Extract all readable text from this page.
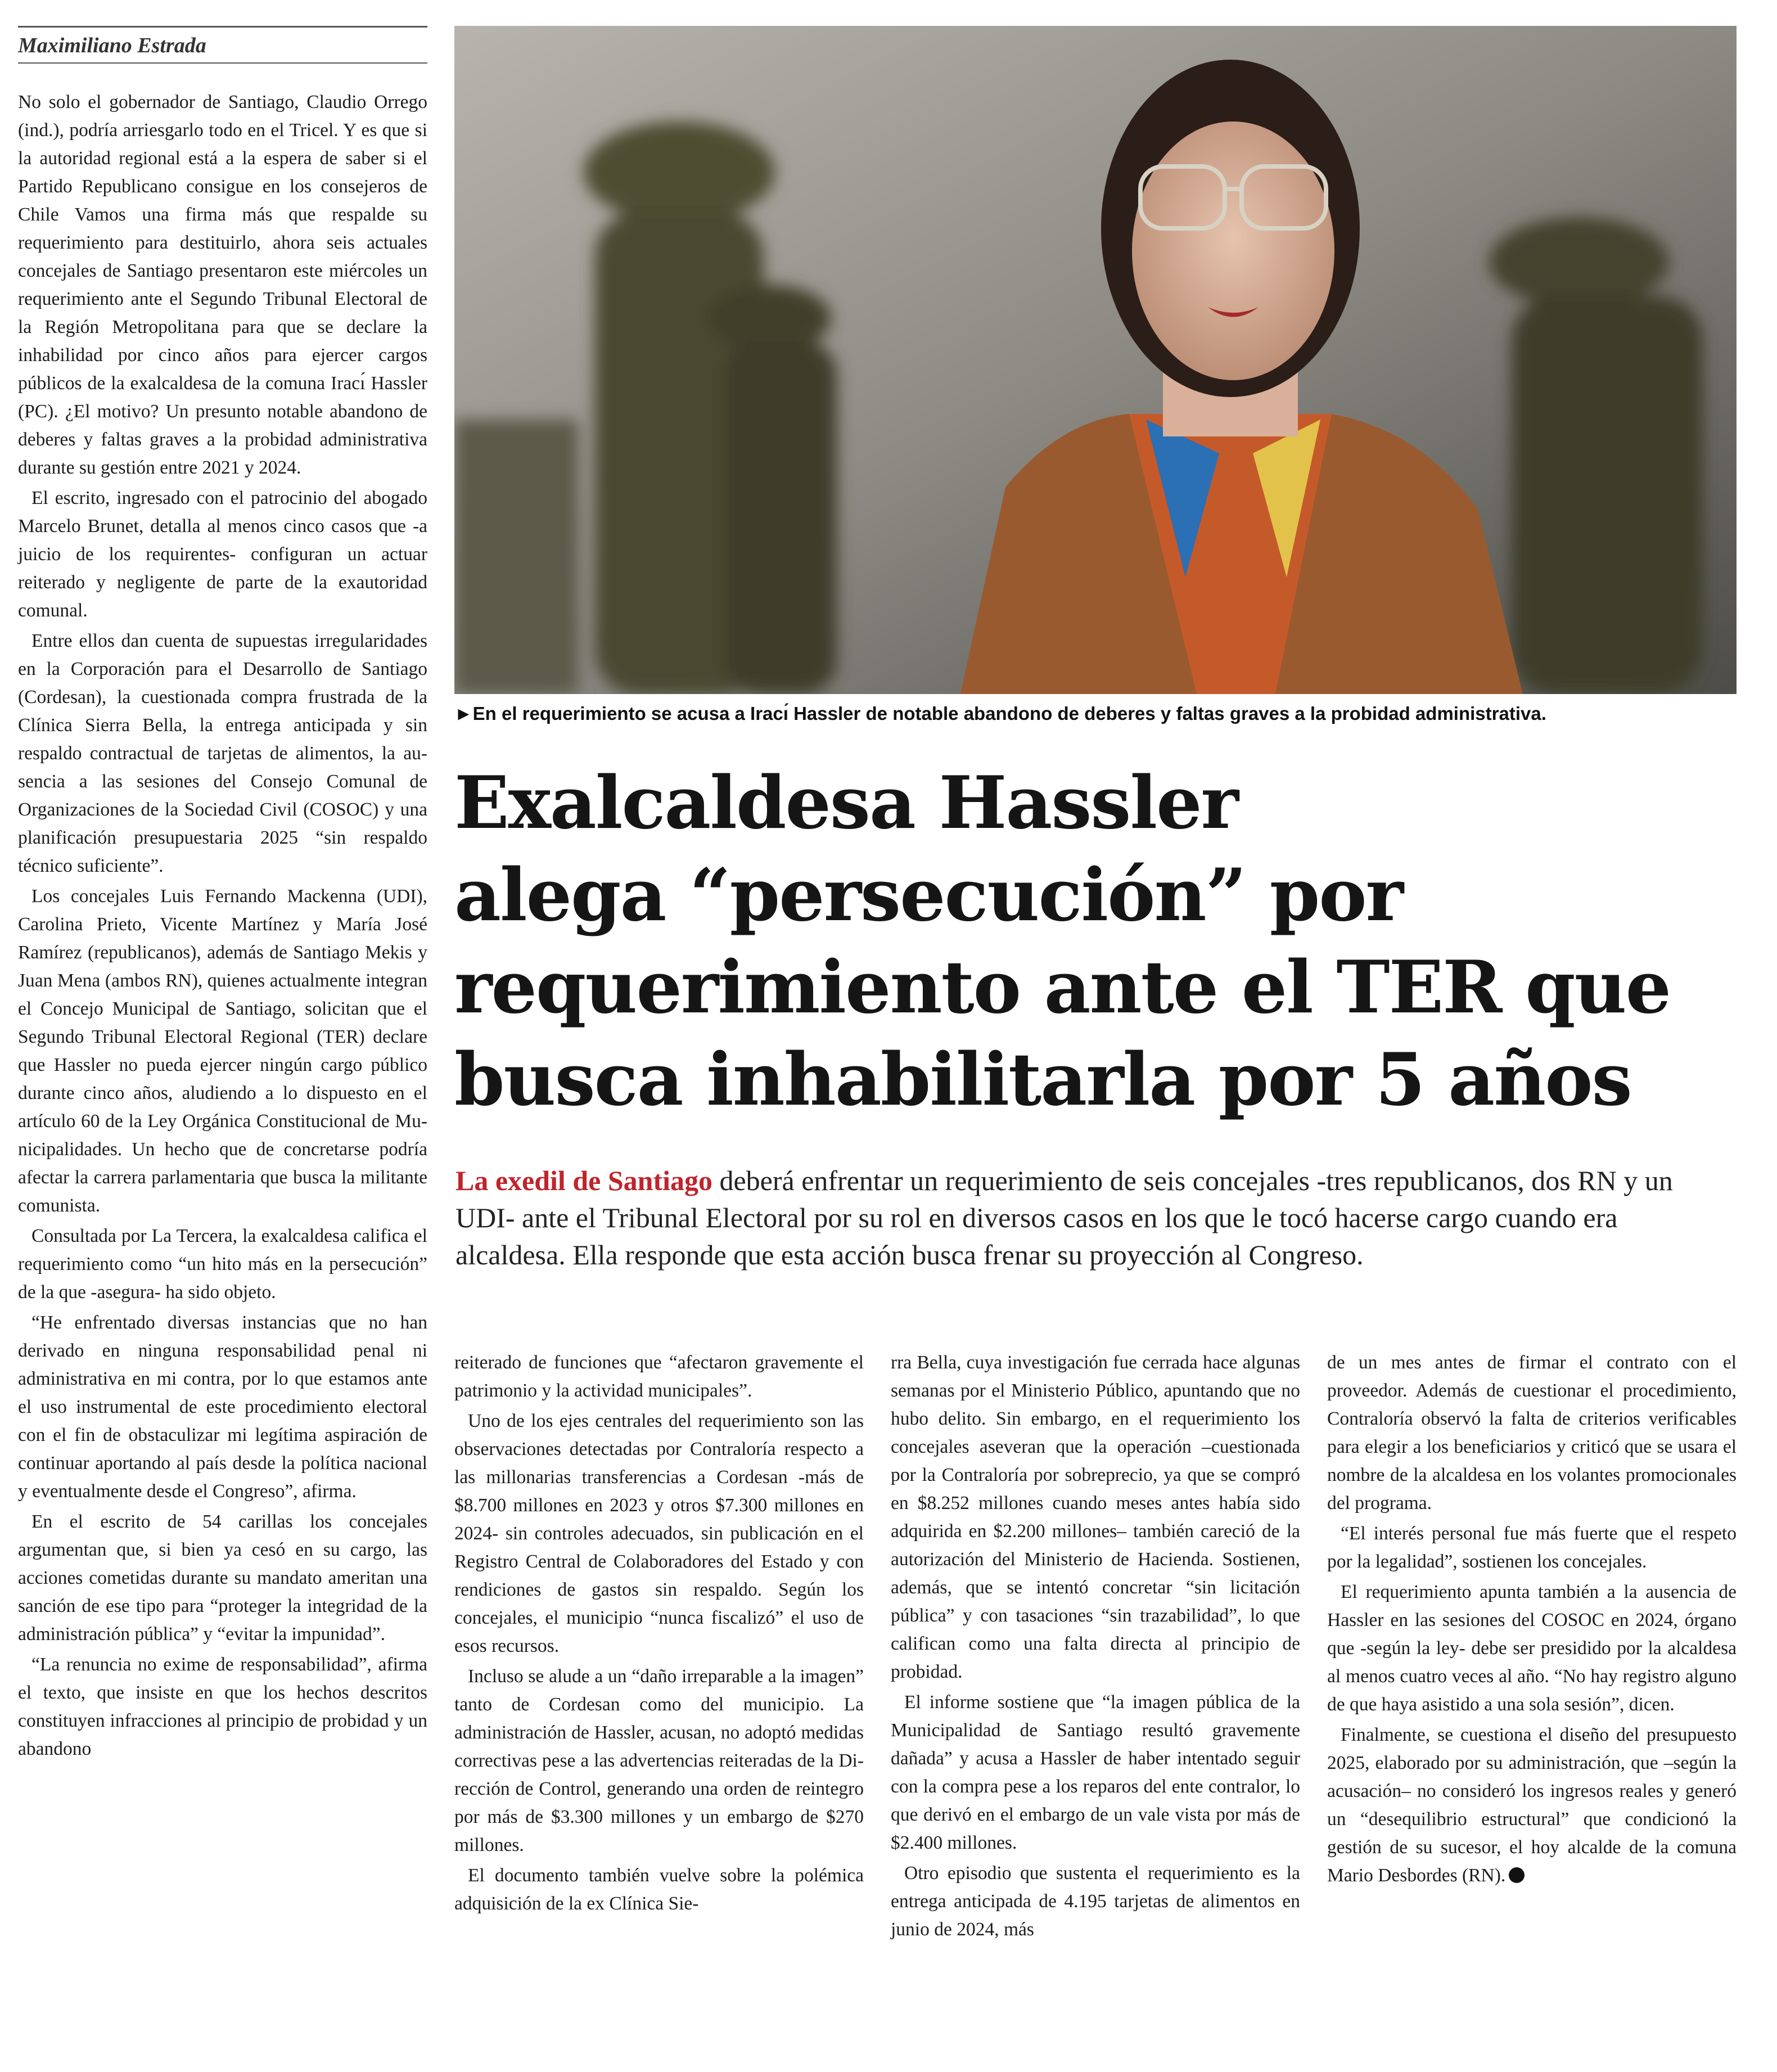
Maximiliano Estrada

No solo el gobernador de Santiago, Claudio Orrego (ind.), podría arriesgarlo todo en el Tricel. Y es que si la autoridad regional está a la espera de saber si el Partido Republicano consigue en los consejeros de Chile Vamos una firma más que respalde su requerimiento para destituirlo, ahora seis actuales concejales de Santiago presentaron este miércoles un requerimiento ante el Segundo Tribunal Electoral de la Región Metropolitana para que se declare la inhabilidad por cinco años para ejercer cargos públicos de la exalcaldesa de la comuna Iracı́ Hassler (PC). ¿El motivo? Un presunto notable abandono de deberes y faltas graves a la probidad administrativa durante su gestión entre 2021 y 2024.

El escrito, ingresado con el patrocinio del abogado Marcelo Brunet, detalla al menos cinco casos que -a juicio de los requirentes- configuran un actuar reiterado y negligente de parte de la exautoridad comunal.

Entre ellos dan cuenta de supuestas irregularidades en la Corporación para el Desarrollo de Santiago (Cordesan), la cuestionada compra frustrada de la Clínica Sierra Bella, la entrega anticipada y sin respaldo contractual de tarjetas de alimentos, la ausencia a las sesiones del Consejo Comunal de Organizaciones de la Sociedad Civil (COSOC) y una planificación presupuestaria 2025 “sin respaldo técnico suficiente”.

Los concejales Luis Fernando Mackenna (UDI), Carolina Prieto, Vicente Martínez y María José Ramírez (republicanos), además de Santiago Mekis y Juan Mena (ambos RN), quienes actualmente integran el Concejo Municipal de Santiago, solicitan que el Segundo Tribunal Electoral Regional (TER) declare que Hassler no pueda ejercer ningún cargo público durante cinco años, aludiendo a lo dispuesto en el artículo 60 de la Ley Orgánica Constitucional de Municipalidades. Un hecho que de concretarse podría afectar la carrera parlamentaria que busca la militante comunista.

Consultada por La Tercera, la exalcaldesa califica el requerimiento como “un hito más en la persecución” de la que -asegura- ha sido objeto.

“He enfrentado diversas instancias que no han derivado en ninguna responsabilidad penal ni administrativa en mi contra, por lo que estamos ante el uso instrumental de este procedimiento electoral con el fin de obstaculizar mi legítima aspiración de continuar aportando al país desde la política nacional y eventualmente desde el Congreso”, afirma.

En el escrito de 54 carillas los concejales argumentan que, si bien ya cesó en su cargo, las acciones cometidas durante su mandato ameritan una sanción de ese tipo para “proteger la integridad de la administración pública” y “evitar la impunidad”.

“La renuncia no exime de responsabilidad”, afirma el texto, que insiste en que los hechos descritos constituyen infracciones al principio de probidad y un abandono

►En el requerimiento se acusa a Iracı́ Hassler de notable abandono de deberes y faltas graves a la probidad administrativa.
Exalcaldesa Hassler
alega “persecución” por
requerimiento ante el TER que
busca inhabilitarla por 5 años
La exedil de Santiago deberá enfrentar un requerimiento de seis concejales -tres republicanos, dos RN y un UDI- ante el Tribunal Electoral por su rol en diversos casos en los que le tocó hacerse cargo cuando era alcaldesa. Ella responde que esta acción busca frenar su proyección al Congreso.

reiterado de funciones que “afectaron gravemente el patrimonio y la actividad municipales”.

Uno de los ejes centrales del requerimiento son las observaciones detectadas por Contraloría respecto a las millonarias transferencias a Cordesan -más de $8.700 millones en 2023 y otros $7.300 millones en 2024- sin controles adecuados, sin publicación en el Registro Central de Colaboradores del Estado y con rendiciones de gastos sin respaldo. Según los concejales, el municipio “nunca fiscalizó” el uso de esos recursos.

Incluso se alude a un “daño irreparable a la imagen” tanto de Cordesan como del municipio. La administración de Hassler, acusan, no adoptó medidas correctivas pese a las advertencias reiteradas de la Dirección de Control, generando una orden de reintegro por más de $3.300 millones y un embargo de $270 millones.

El documento también vuelve sobre la polémica adquisición de la ex Clínica Sie-

rra Bella, cuya investigación fue cerrada hace algunas semanas por el Ministerio Público, apuntando que no hubo delito. Sin embargo, en el requerimiento los concejales aseveran que la operación –cuestionada por la Contraloría por sobreprecio, ya que se compró en $8.252 millones cuando meses antes había sido adquirida en $2.200 millones– también careció de la autorización del Ministerio de Hacienda. Sostienen, además, que se intentó concretar “sin licitación pública” y con tasaciones “sin trazabilidad”, lo que califican como una falta directa al principio de probidad.

El informe sostiene que “la imagen pública de la Municipalidad de Santiago resultó gravemente dañada” y acusa a Hassler de haber intentado seguir con la compra pese a los reparos del ente contralor, lo que derivó en el embargo de un vale vista por más de $2.400 millones.

Otro episodio que sustenta el requerimiento es la entrega anticipada de 4.195 tarjetas de alimentos en junio de 2024, más

de un mes antes de firmar el contrato con el proveedor. Además de cuestionar el procedimiento, Contraloría observó la falta de criterios verificables para elegir a los beneficiarios y criticó que se usara el nombre de la alcaldesa en los volantes promocionales del programa.

“El interés personal fue más fuerte que el respeto por la legalidad”, sostienen los concejales.

El requerimiento apunta también a la ausencia de Hassler en las sesiones del COSOC en 2024, órgano que -según la ley- debe ser presidido por la alcaldesa al menos cuatro veces al año. “No hay registro alguno de que haya asistido a una sola sesión”, dicen.

Finalmente, se cuestiona el diseño del presupuesto 2025, elaborado por su administración, que –según la acusación– no consideró los ingresos reales y generó un “desequilibrio estructural” que condicionó la gestión de su sucesor, el hoy alcalde de la comuna Mario Desbordes (RN).
